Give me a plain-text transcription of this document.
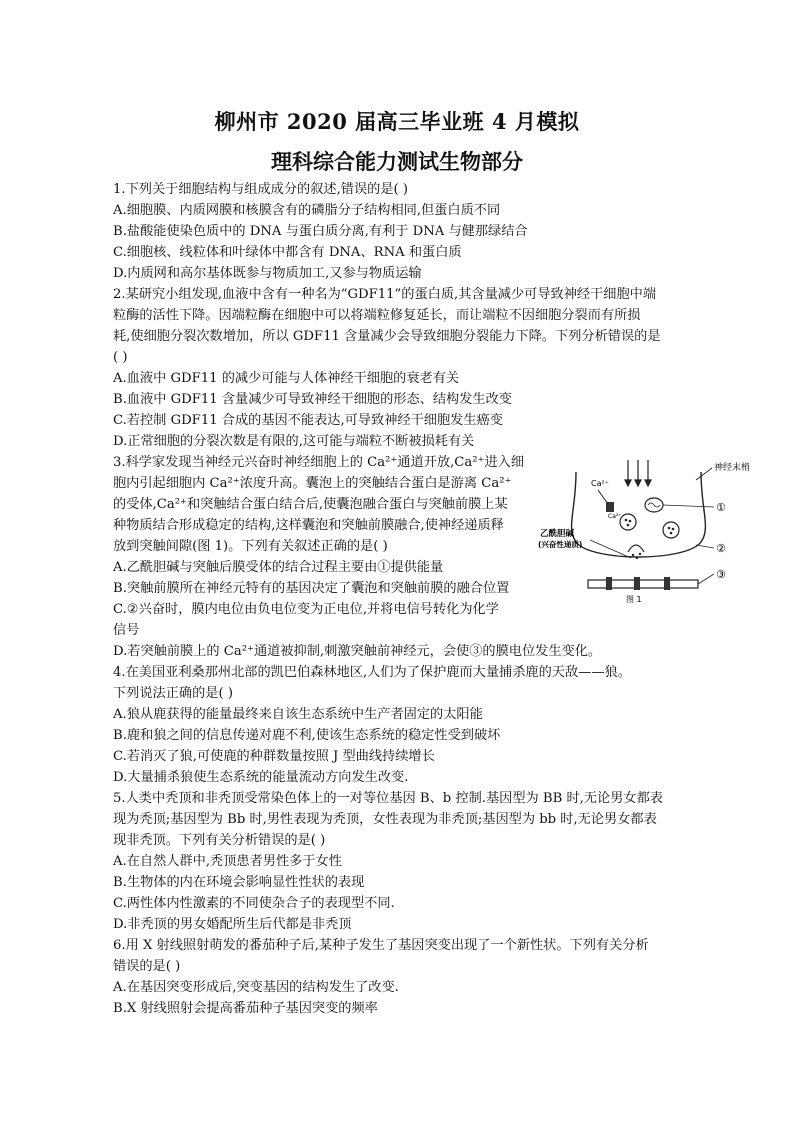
柳州市 2020 届高三毕业班 4 月模拟
理科综合能力测试生物部分
1.下列关于细胞结构与组成成分的叙述,错误的是( )
A.细胞膜、内质网膜和核膜含有的磷脂分子结构相同,但蛋白质不同
B.盐酸能使染色质中的 DNA 与蛋白质分离,有利于 DNA 与健那绿结合
C.细胞核、线粒体和叶绿体中都含有 DNA、RNA 和蛋白质
D.内质网和高尔基体既参与物质加工,又参与物质运输
2.某研究小组发现,血液中含有一种名为“GDF11”的蛋白质,其含量减少可导致神经干细胞中端
粒酶的活性下降。因端粒酶在细胞中可以将端粒修复延长，而让端粒不因细胞分裂而有所损
耗,使细胞分裂次数增加，所以 GDF11 含量减少会导致细胞分裂能力下降。下列分析错误的是
( )
A.血液中 GDF11 的减少可能与人体神经干细胞的衰老有关
B.血液中 GDF11 含量减少可导致神经干细胞的形态、结构发生改变
C.若控制 GDF11 合成的基因不能表达,可导致神经干细胞发生癌变
D.正常细胞的分裂次数是有限的,这可能与端粒不断被损耗有关
3.科学家发现当神经元兴奋时神经细胞上的 Ca²⁺通道开放,Ca²⁺进入细
胞内引起细胞内 Ca²⁺浓度升高。囊泡上的突触结合蛋白是游离 Ca²⁺
的受体,Ca²⁺和突触结合蛋白结合后,使囊泡融合蛋白与突触前膜上某
种物质结合形成稳定的结构,这样囊泡和突触前膜融合,使神经递质释
放到突触间隙(图 1)。下列有关叙述正确的是( )
A.乙酰胆碱与突触后膜受体的结合过程主要由①提供能量
B.突触前膜所在神经元特有的基因决定了囊泡和突触前膜的融合位置
C.②兴奋时，膜内电位由负电位变为正电位,并将电信号转化为化学
信号
D.若突触前膜上的 Ca²⁺通道被抑制,刺激突触前神经元，会使③的膜电位发生变化。
Ca²⁺
Ca²⁺
神经末梢
①
②
③
乙酰胆碱
(兴奋性递质)
图 1
4.在美国亚利桑那州北部的凯巴伯森林地区,人们为了保护鹿而大量捕杀鹿的天敌——狼。
下列说法正确的是( )
A.狼从鹿获得的能量最终来自该生态系统中生产者固定的太阳能
B.鹿和狼之间的信息传递对鹿不利,使该生态系统的稳定性受到破坏
C.若消灭了狼,可使鹿的种群数量按照 J 型曲线持续增长
D.大量捕杀狼使生态系统的能量流动方向发生改变.
5.人类中秃顶和非秃顶受常染色体上的一对等位基因 B、b 控制.基因型为 BB 时,无论男女都表
现为秃顶;基因型为 Bb 时,男性表现为秃顶，女性表现为非秃顶;基因型为 bb 时,无论男女都表
现非秃顶。下列有关分析错误的是( )
A.在自然人群中,秃顶患者男性多于女性
B.生物体的内在环境会影响显性性状的表现
C.两性体内性激素的不同使杂合子的表现型不同.
D.非秃顶的男女婚配所生后代都是非秃顶
6.用 X 射线照射萌发的番茄种子后,某种子发生了基因突变出现了一个新性状。下列有关分析
错误的是( )
A.在基因突变形成后,突变基因的结构发生了改变.
B.X 射线照射会提高番茄种子基因突变的频率
